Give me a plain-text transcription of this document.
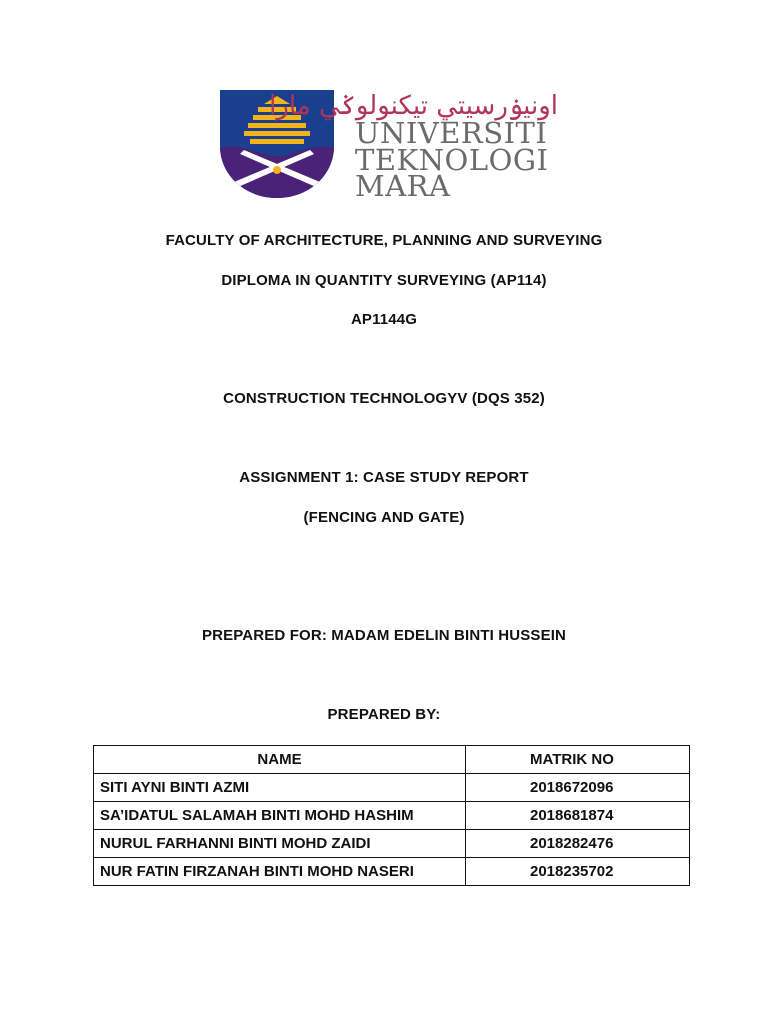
اونيۏرسيتي تيكنولوݢي مارا
UNIVERSITI
TEKNOLOGI
MARA
FACULTY OF ARCHITECTURE, PLANNING AND SURVEYING
DIPLOMA IN QUANTITY SURVEYING (AP114)
AP1144G
CONSTRUCTION TECHNOLOGYV (DQS 352)
ASSIGNMENT 1: CASE STUDY REPORT
(FENCING AND GATE)
PREPARED FOR: MADAM EDELIN BINTI HUSSEIN
PREPARED BY:
NAME	MATRIK NO
SITI AYNI BINTI AZMI	2018672096
SA’IDATUL SALAMAH BINTI MOHD HASHIM	2018681874
NURUL FARHANNI BINTI MOHD ZAIDI	2018282476
NUR FATIN FIRZANAH BINTI MOHD NASERI	2018235702
